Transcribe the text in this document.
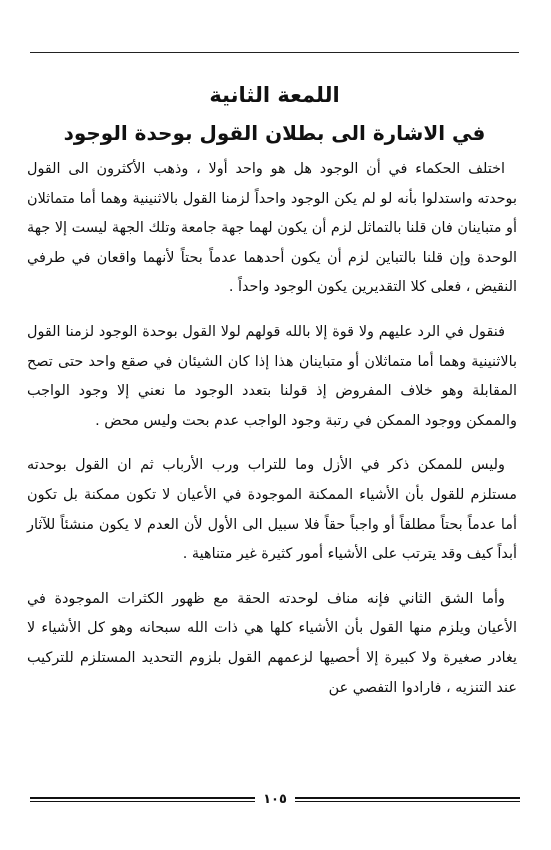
اللمعة الثانية
في الاشارة الى بطلان القول بوحدة الوجود

اختلف الحكماء في أن الوجود هل هو واحد أولا ، وذهب الأكثرون الى القول بوحدته واستدلوا بأنه لو لم يكن الوجود واحداً لزمنا القول بالاثنينية وهما أما متماثلان أو متباينان فان قلنا بالتماثل لزم أن يكون لهما جهة جامعة وتلك الجهة ليست إلا جهة الوحدة وإن قلنا بالتباين لزم أن يكون أحدهما عدماً بحتاً لأنهما واقعان في طرفي النقيض ، فعلى كلا التقديرين يكون الوجود واحداً .

فنقول في الرد عليهم ولا قوة إلا بالله قولهم لولا القول بوحدة الوجود لزمنا القول بالاثنينية وهما أما متماثلان أو متباينان هذا إذا كان الشيئان في صقع واحد حتى تصح المقابلة وهو خلاف المفروض إذ قولنا بتعدد الوجود ما نعني إلا وجود الواجب والممكن ووجود الممكن في رتبة وجود الواجب عدم بحت وليس محض .

وليس للممكن ذكر في الأزل وما للتراب ورب الأرباب ثم ان القول بوحدته مستلزم للقول بأن الأشياء الممكنة الموجودة في الأعيان لا تكون ممكنة بل تكون أما عدماً بحتاً مطلقاً أو واجباً حقاً فلا سبيل الى الأول لأن العدم لا يكون منشئاً للآثار أبداً كيف وقد يترتب على الأشياء أمور كثيرة غير متناهية .

وأما الشق الثاني فإنه مناف لوحدته الحقة مع ظهور الكثرات الموجودة في الأعيان ويلزم منها القول بأن الأشياء كلها هي ذات الله سبحانه وهو كل الأشياء لا يغادر صغيرة ولا كبيرة إلا أحصيها لزعمهم القول بلزوم التحديد المستلزم للتركيب عند التنزيه ، فارادوا التفصي عن

١٠٥
